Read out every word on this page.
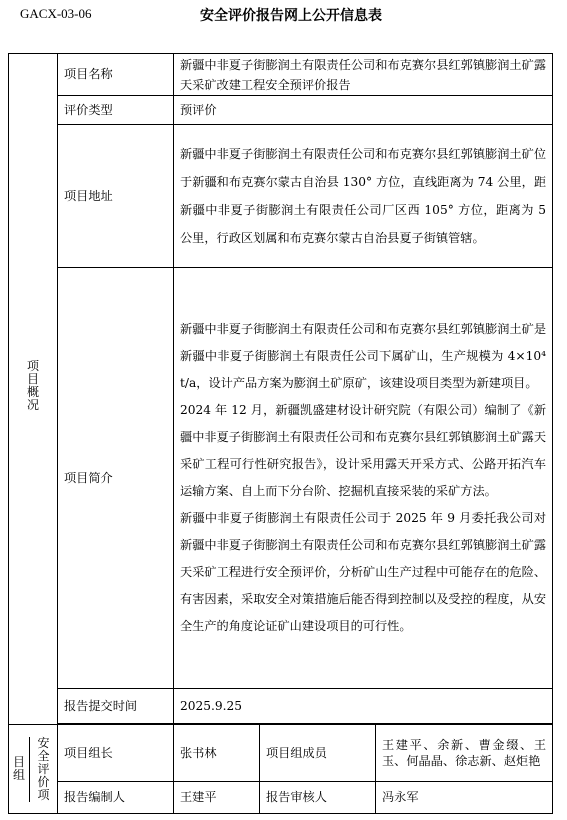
GACX-03-06	安全评价报告网上公开信息表
项目概况	项目名称	新疆中非夏子街膨润土有限责任公司和布克赛尔县红郭镇膨润土矿露天采矿改建工程安全预评价报告		
	评价类型	预评价		
	项目地址	新疆中非夏子街膨润土有限责任公司和布克赛尔县红郭镇膨润土矿位于新疆和布克赛尔蒙古自治县 130° 方位，直线距离为 74 公里，距新疆中非夏子街膨润土有限责任公司厂区西 105° 方位，距离为 5 公里，行政区划属和布克赛尔蒙古自治县夏子街镇管辖。		
	项目简介	新疆中非夏子街膨润土有限责任公司和布克赛尔县红郭镇膨润土矿是新疆中非夏子街膨润土有限责任公司下属矿山，生产规模为 4×10⁴t/a，设计产品方案为膨润土矿原矿，该建设项目类型为新建项目。
2024 年 12 月，新疆凯盛建材设计研究院（有限公司）编制了《新疆中非夏子街膨润土有限责任公司和布克赛尔县红郭镇膨润土矿露天采矿工程可行性研究报告》，设计采用露天开采方式、公路开拓汽车运输方案、自上而下分台阶、挖掘机直接采装的采矿方法。
新疆中非夏子街膨润土有限责任公司于 2025 年 9 月委托我公司对新疆中非夏子街膨润土有限责任公司和布克赛尔县红郭镇膨润土矿露天采矿工程进行安全预评价，分析矿山生产过程中可能存在的危险、有害因素，采取安全对策措施后能否得到控制以及受控的程度，从安全生产的角度论证矿山建设项目的可行性。		

	报告提交时间	2025.9.25		

目
组
安全评价项	项目组长	张书林	项目组成员	王建平、余新、曹金缀、王玉、何晶晶、徐志新、赵炬艳
	报告编制人	王建平	报告审核人	冯永军
